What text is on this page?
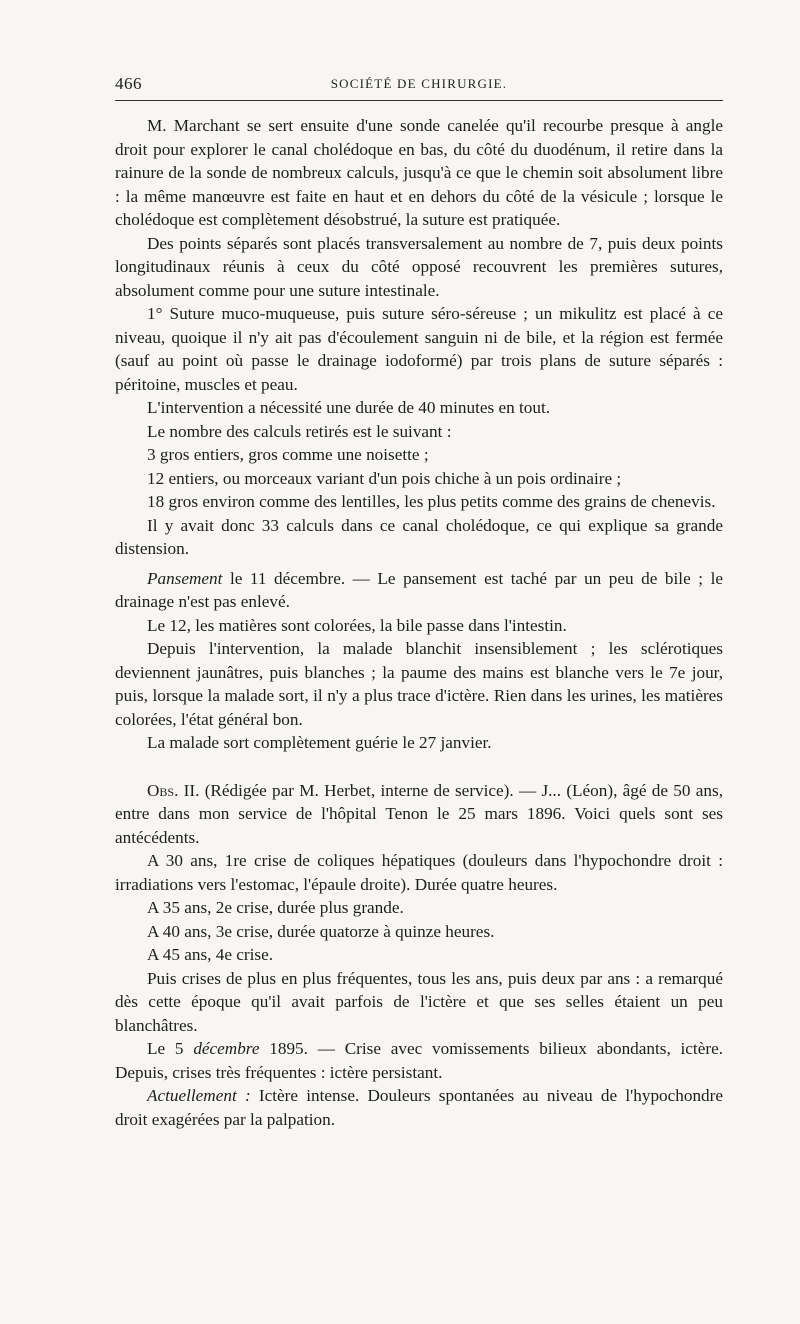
466	SOCIÉTÉ DE CHIRURGIE.

M. Marchant se sert ensuite d'une sonde canelée qu'il recourbe presque à angle droit pour explorer le canal cholédoque en bas, du côté du duodénum, il retire dans la rainure de la sonde de nombreux calculs, jusqu'à ce que le chemin soit absolument libre : la même manœuvre est faite en haut et en dehors du côté de la vésicule ; lorsque le cholédoque est complètement désobstrué, la suture est pratiquée.

Des points séparés sont placés transversalement au nombre de 7, puis deux points longitudinaux réunis à ceux du côté opposé recouvrent les premières sutures, absolument comme pour une suture intestinale.

1° Suture muco-muqueuse, puis suture séro-séreuse ; un mikulitz est placé à ce niveau, quoique il n'y ait pas d'écoulement sanguin ni de bile, et la région est fermée (sauf au point où passe le drainage iodoformé) par trois plans de suture séparés : péritoine, muscles et peau.

L'intervention a nécessité une durée de 40 minutes en tout.

Le nombre des calculs retirés est le suivant :

3 gros entiers, gros comme une noisette ;

12 entiers, ou morceaux variant d'un pois chiche à un pois ordinaire ;

18 gros environ comme des lentilles, les plus petits comme des grains de chenevis.

Il y avait donc 33 calculs dans ce canal cholédoque, ce qui explique sa grande distension.

Pansement le 11 décembre. — Le pansement est taché par un peu de bile ; le drainage n'est pas enlevé.

Le 12, les matières sont colorées, la bile passe dans l'intestin.

Depuis l'intervention, la malade blanchit insensiblement ; les sclérotiques deviennent jaunâtres, puis blanches ; la paume des mains est blanche vers le 7e jour, puis, lorsque la malade sort, il n'y a plus trace d'ictère. Rien dans les urines, les matières colorées, l'état général bon.

La malade sort complètement guérie le 27 janvier.

Obs. II. (Rédigée par M. Herbet, interne de service). — J... (Léon), âgé de 50 ans, entre dans mon service de l'hôpital Tenon le 25 mars 1896. Voici quels sont ses antécédents.

A 30 ans, 1re crise de coliques hépatiques (douleurs dans l'hypochondre droit : irradiations vers l'estomac, l'épaule droite). Durée quatre heures.

A 35 ans, 2e crise, durée plus grande.

A 40 ans, 3e crise, durée quatorze à quinze heures.

A 45 ans, 4e crise.

Puis crises de plus en plus fréquentes, tous les ans, puis deux par ans : a remarqué dès cette époque qu'il avait parfois de l'ictère et que ses selles étaient un peu blanchâtres.

Le 5 décembre 1895. — Crise avec vomissements bilieux abondants, ictère. Depuis, crises très fréquentes : ictère persistant.

Actuellement : Ictère intense. Douleurs spontanées au niveau de l'hypochondre droit exagérées par la palpation.
